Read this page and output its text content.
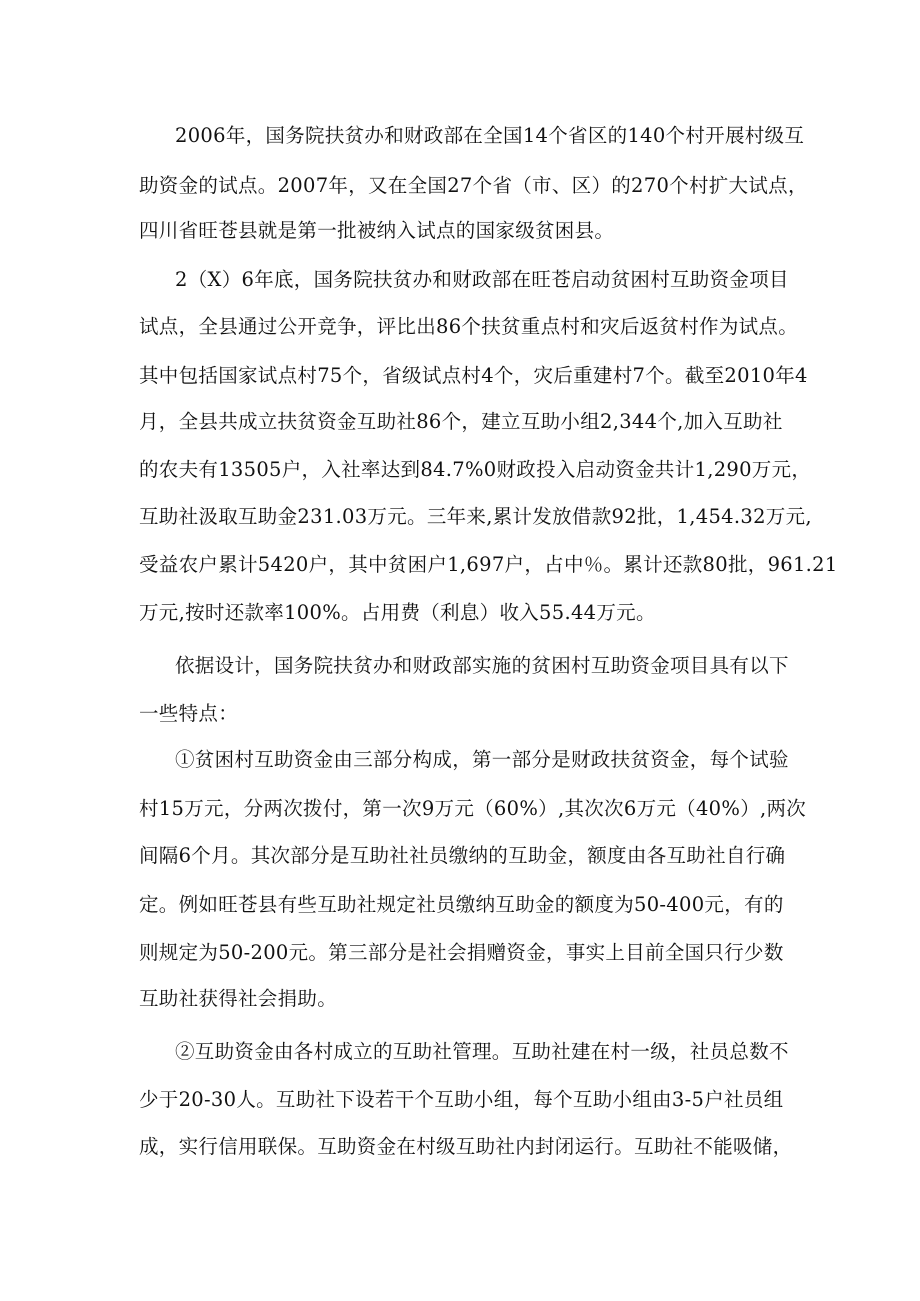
2006年，国务院扶贫办和财政部在全国14个省区的140个村开展村级互
助资金的试点。2007年，又在全国27个省（市、区）的270个村扩大试点，
四川省旺苍县就是第一批被纳入试点的国家级贫困县。
2（X）6年底，国务院扶贫办和财政部在旺苍启动贫困村互助资金项目
试点，全县通过公开竞争，评比出86个扶贫重点村和灾后返贫村作为试点。
其中包括国家试点村75个，省级试点村4个，灾后重建村7个。截至2010年4
月，全县共成立扶贫资金互助社86个，建立互助小组2,344个,加入互助社
的农夫有13505户，入社率达到84.7%0财政投入启动资金共计1,290万元，
互助社汲取互助金231.03万元。三年来,累计发放借款92批，1,454.32万元,
受益农户累计5420户，其中贫困户1,697户，占中％。累计还款80批，961.21
万元,按时还款率100%。占用费（利息）收入55.44万元。
依据设计，国务院扶贫办和财政部实施的贫困村互助资金项目具有以下
一些特点：
①贫困村互助资金由三部分构成，第一部分是财政扶贫资金，每个试验
村15万元，分两次拨付，第一次9万元（60%）,其次次6万元（40%）,两次
间隔6个月。其次部分是互助社社员缴纳的互助金，额度由各互助社自行确
定。例如旺苍县有些互助社规定社员缴纳互助金的额度为50-400元，有的
则规定为50-200元。第三部分是社会捐赠资金，事实上目前全国只行少数
互助社获得社会捐助。
②互助资金由各村成立的互助社管理。互助社建在村一级，社员总数不
少于20-30人。互助社下设若干个互助小组，每个互助小组由3-5户社员组
成，实行信用联保。互助资金在村级互助社内封闭运行。互助社不能吸储，
